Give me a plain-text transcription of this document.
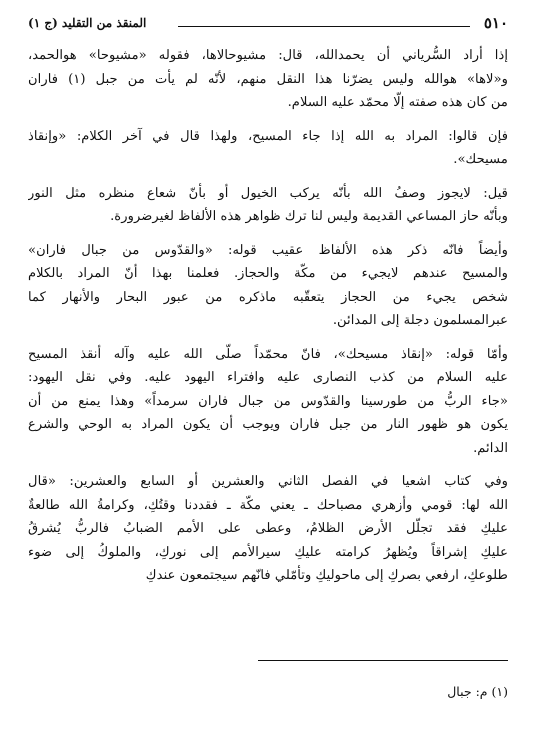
٥١٠
المنقذ من التقليد (ج ١)
إذا أراد السُّرياني أن يحمدالله، قال: مشيوحالاها، فقوله «مشيوحا» هوالحمد،
و«لاها» هوالله وليس يضرّنا هذا النقل منهم، لأنّه لم يأت من جبل (١) فاران
من كان هذه صفته إلّا محمّد عليه السلام.
فإن قالوا: المراد به الله إذا جاء المسيح، ولهذا قال في آخر الكلام: «وإنقاذ
مسيحك».
قيل: لايجوز وصفُ الله بأنّه يركب الخيول أو بأنّ شعاع منظره مثل النور
وبأنّه حاز المساعي القديمة وليس لنا ترك ظواهر هذه الألفاظ لغيرضرورة.
وأيضاً فانّه ذكر هذه الألفاظ عقيب قوله: «والقدّوس من جبال فاران»
والمسيح عندهم لايجيء من مكّة والحجاز. فعلمنا بهذا أنّ المراد بالكلام
شخص يجيء من الحجاز يتعقّبه ماذكره من عبور البحار والأنهار كما
عبرالمسلمون دجلة إلى المدائن.
وأمّا قوله: «إنقاذ مسيحك»، فانّ محمّداً صلّى الله عليه وآله أنقذ المسيح
عليه السلام من كذب النصارى عليه وافتراء اليهود عليه. وفي نقل اليهود:
«جاء الربُّ من طورسينا والقدّوس من جبال فاران سرمداً» وهذا يمنع من أن
يكون هو ظهور النار من جبل فاران ويوجب أن يكون المراد به الوحي والشرع
الدائم.
وفي كتاب اشعيا في الفصل الثاني والعشرين أو السابع والعشرين: «قال
الله لها: قومي وأزهري مصباحك ـ يعني مكّة ـ فقددنا وقتُكِ، وكرامةُ الله طالعةٌ
عليكِ فقد تجلّل الأرض الظلامُ، وعطى على الأمم الضبابُ فالربُّ يُشرقُ
عليكِ إشراقاً ويُظهرُ كرامته عليكِ سيرالأمم إلى نوركِ، والملوكُ إلى ضوء
طلوعكِ، ارفعي بصركِ إلى ماحوليكِ وتأمّلي فانّهم سيجتمعون عندكِ
(١) م: جبال
